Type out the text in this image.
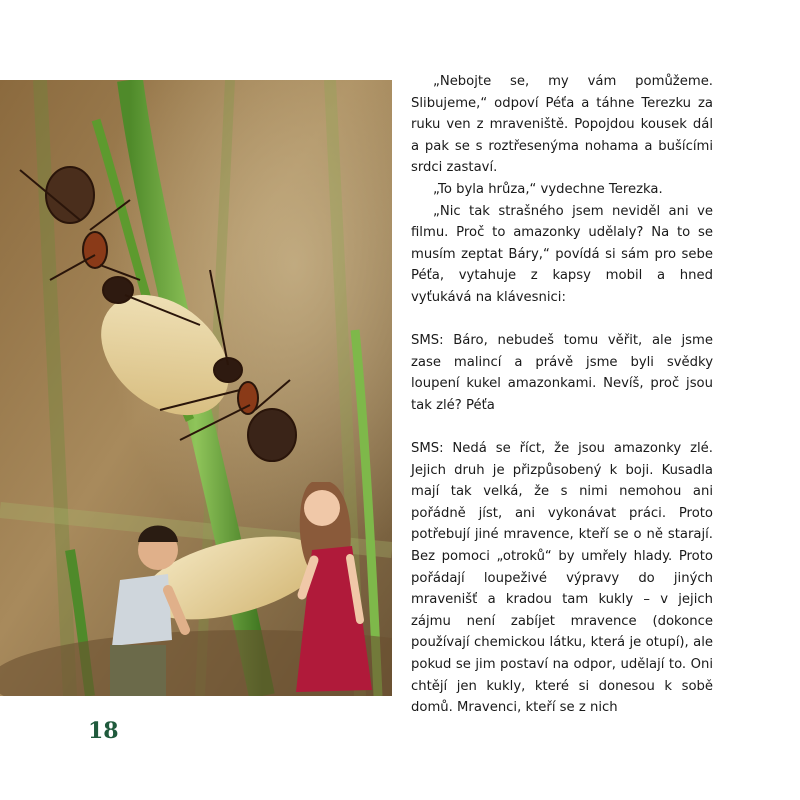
„Nebojte se, my vám pomůžeme. Slibujeme,“ odpoví Péťa a táhne Terezku za ruku ven z mraveniště. Popojdou kousek dál a pak se s roztřesenýma nohama a bušícími srdci zastaví.

„To byla hrůza,“ vydechne Terezka.

„Nic tak strašného jsem neviděl ani ve filmu. Proč to amazonky udělaly? Na to se musím zeptat Báry,“ povídá si sám pro sebe Péťa, vytahuje z kapsy mobil a hned vyťukává na klávesnici:

SMS: Báro, nebudeš tomu věřit, ale jsme zase malincí a právě jsme byli svědky loupení kukel amazonkami. Nevíš, proč jsou tak zlé? Péťa

SMS: Nedá se říct, že jsou amazonky zlé. Jejich druh je přizpůsobený k boji. Kusadla mají tak velká, že s nimi nemohou ani pořádně jíst, ani vykonávat práci. Proto potřebují jiné mravence, kteří se o ně starají. Bez pomoci „otroků“ by umřely hlady. Proto pořádají loupeživé výpravy do jiných mravenišť a kradou tam kukly – v jejich zájmu není zabíjet mravence (dokonce používají chemickou látku, která je otupí), ale pokud se jim postaví na odpor, udělají to. Oni chtějí jen kukly, které si donesou k sobě domů. Mravenci, kteří se z nich

18
